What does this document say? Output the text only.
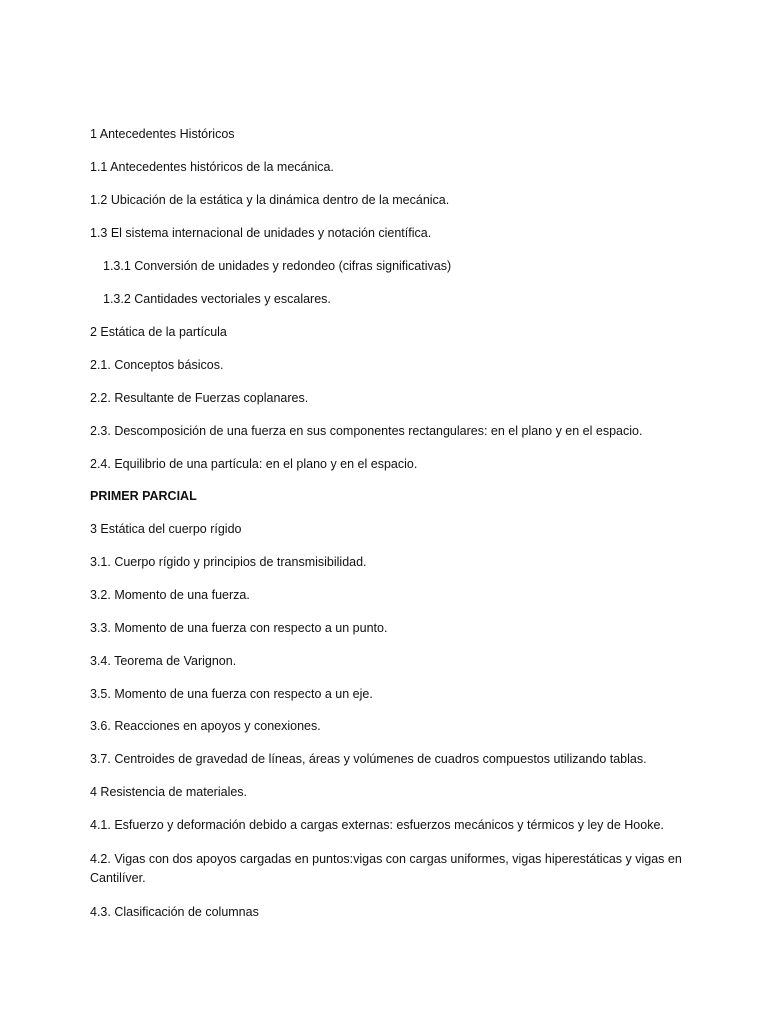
1 Antecedentes Históricos
1.1 Antecedentes históricos de la mecánica.
1.2 Ubicación de la estática y la dinámica dentro de la mecánica.
1.3 El sistema internacional de unidades y notación científica.
1.3.1 Conversión de unidades y redondeo (cifras significativas)
1.3.2 Cantidades vectoriales y escalares.
2 Estática de la partícula
2.1. Conceptos básicos.
2.2. Resultante de Fuerzas coplanares.
2.3. Descomposición de una fuerza en sus componentes rectangulares: en el plano y en el espacio.
2.4. Equilibrio de una partícula: en el plano y en el espacio.
PRIMER PARCIAL
3 Estática del cuerpo rígido
3.1. Cuerpo rígido y principios de transmisibilidad.
3.2. Momento de una fuerza.
3.3. Momento de una fuerza con respecto a un punto.
3.4. Teorema de Varignon.
3.5. Momento de una fuerza con respecto a un eje.
3.6. Reacciones en apoyos y conexiones.
3.7. Centroides de gravedad de líneas, áreas y volúmenes de cuadros compuestos utilizando tablas.
4 Resistencia de materiales.
4.1. Esfuerzo y deformación debido a cargas externas: esfuerzos mecánicos y térmicos y ley de Hooke.
4.2. Vigas con dos apoyos cargadas en puntos:vigas con cargas uniformes, vigas hiperestáticas y vigas en Cantilíver.
4.3. Clasificación de columnas
